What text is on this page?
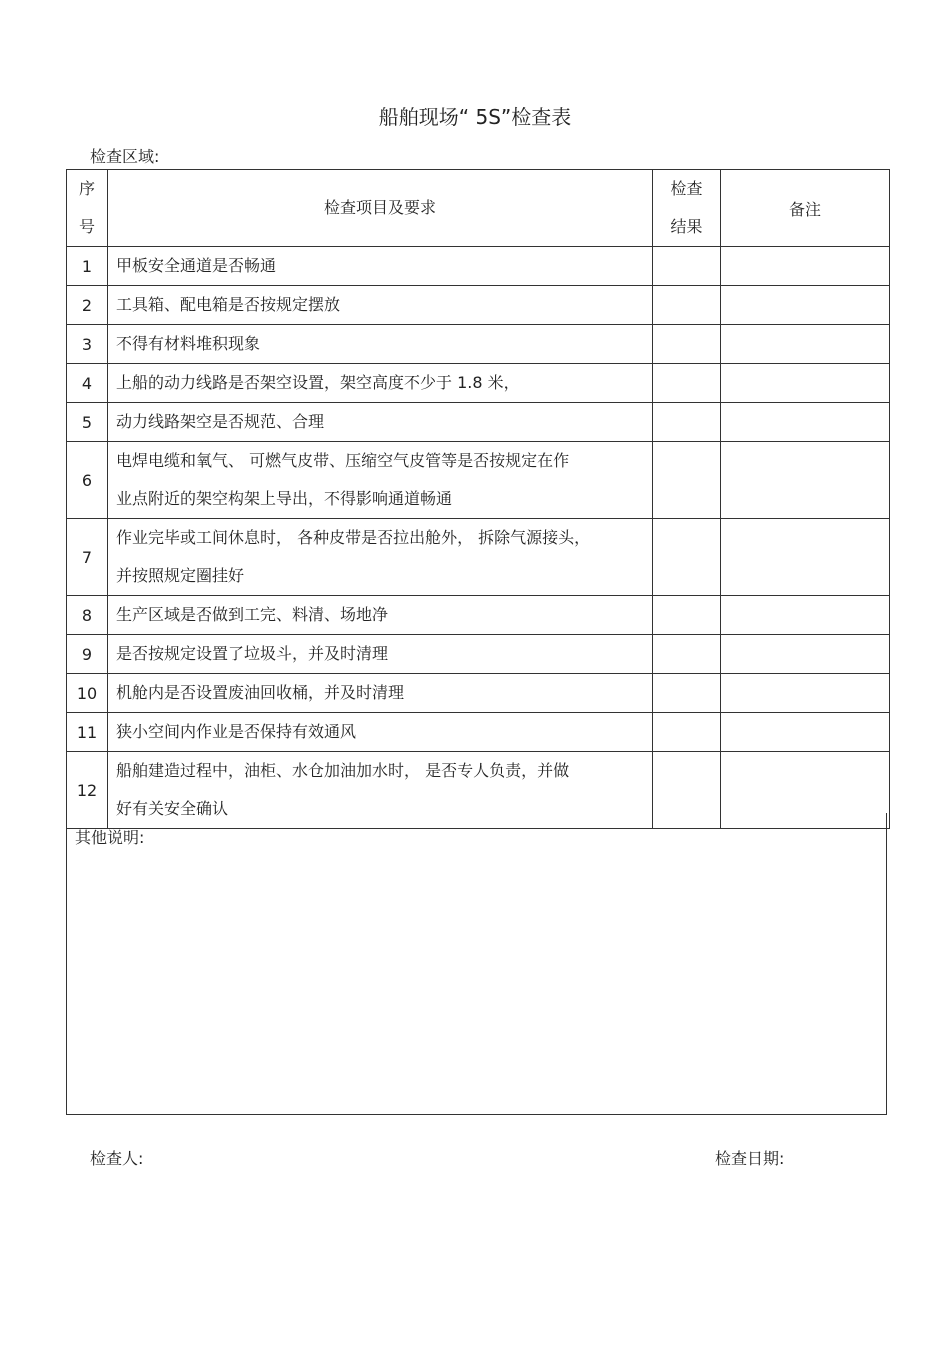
船舶现场“ 5S”检查表
检查区域:
序
号	检查项目及要求	检查
结果	备注
1	甲板安全通道是否畅通		

2	工具箱、配电箱是否按规定摆放		

3	不得有材料堆积现象		

4	上船的动力线路是否架空设置，架空高度不少于 1.8 米，		

5	动力线路架空是否规范、合理		

6	电焊电缆和氧气、 可燃气皮带、压缩空气皮管等是否按规定在作
业点附近的架空构架上导出，不得影响通道畅通		

7	作业完毕或工间休息时， 各种皮带是否拉出舱外， 拆除气源接头，
并按照规定圈挂好		

8	生产区域是否做到工完、料清、场地净		

9	是否按规定设置了垃圾斗，并及时清理		

10	机舱内是否设置废油回收桶，并及时清理		

11	狭小空间内作业是否保持有效通风		

12	船舶建造过程中，油柜、水仓加油加水时， 是否专人负责，并做
好有关安全确认		

其他说明:
检查人:	检查日期:
